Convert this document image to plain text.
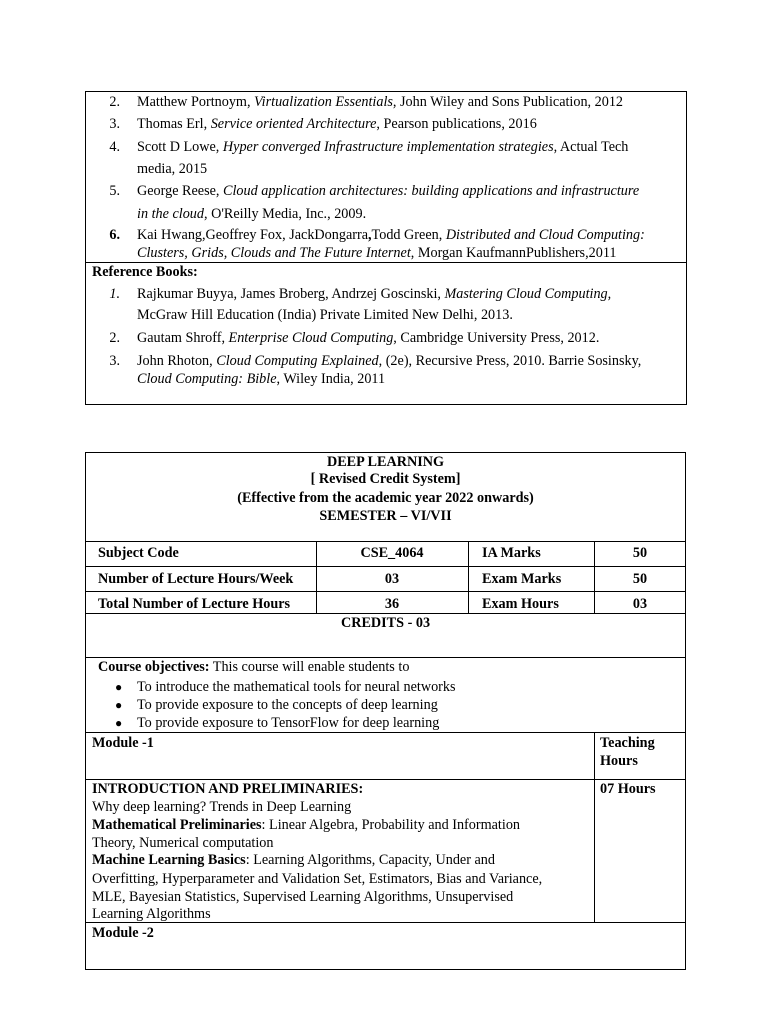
2. Matthew Portnoym, Virtualization Essentials, John Wiley and Sons Publication, 2012
3. Thomas Erl, Service oriented Architecture, Pearson publications, 2016
4. Scott D Lowe, Hyper converged Infrastructure implementation strategies, Actual Tech
media, 2015
5. George Reese, Cloud application architectures: building applications and infrastructure
in the cloud, O'Reilly Media, Inc., 2009.
6. Kai Hwang,Geoffrey Fox, JackDongarra,Todd Green, Distributed and Cloud Computing:
Clusters, Grids, Clouds and The Future Internet, Morgan KaufmannPublishers,2011
Reference Books:
1. Rajkumar Buyya, James Broberg, Andrzej Goscinski, Mastering Cloud Computing,
McGraw Hill Education (India) Private Limited New Delhi, 2013.
2. Gautam Shroff, Enterprise Cloud Computing, Cambridge University Press, 2012.
3. John Rhoton, Cloud Computing Explained, (2e), Recursive Press, 2010. Barrie Sosinsky,
Cloud Computing: Bible, Wiley India, 2011
DEEP LEARNING
[ Revised Credit System]
(Effective from the academic year 2022 onwards)
SEMESTER – VI/VII
Subject Code	CSE_4064	IA Marks	50
Number of Lecture Hours/Week	03	Exam Marks	50
Total Number of Lecture Hours	36	Exam Hours	03
CREDITS - 03
Course objectives: This course will enable students to
● To introduce the mathematical tools for neural networks
● To provide exposure to the concepts of deep learning
● To provide exposure to TensorFlow for deep learning
Module -1	Teaching
Hours
INTRODUCTION AND PRELIMINARIES:
Why deep learning? Trends in Deep Learning
Mathematical Preliminaries: Linear Algebra, Probability and Information
Theory, Numerical computation
Machine Learning Basics: Learning Algorithms, Capacity, Under and
Overfitting, Hyperparameter and Validation Set, Estimators, Bias and Variance,
MLE, Bayesian Statistics, Supervised Learning Algorithms, Unsupervised
Learning Algorithms
07 Hours
Module -2
